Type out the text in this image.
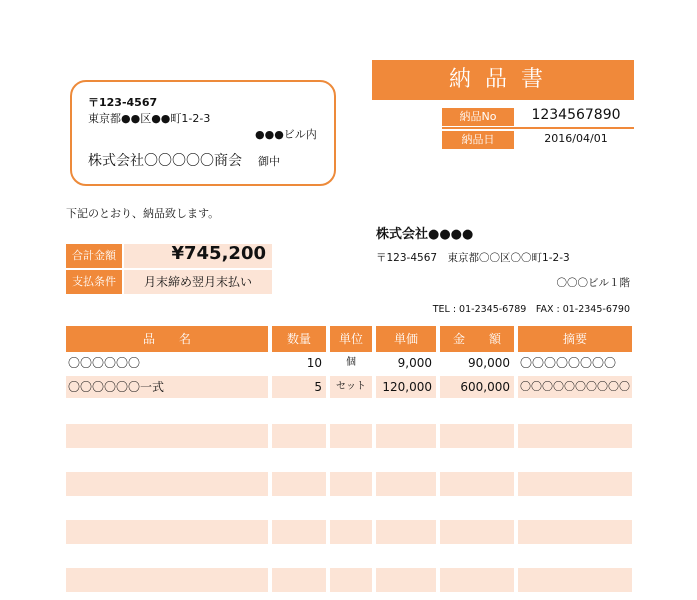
〒123-4567
東京都●●区●●町1-2-3
●●●ビル内
株式会社〇〇〇〇〇商会 御中
納品書
納品No	1234567890
納品日	2016/04/01
下記のとおり、納品致します。
合計金額	¥745,200
支払条件	月末締め翌月末払い
株式会社●●●●
〒123-4567　東京都〇〇区〇〇町1-2-3
〇〇〇ビル１階
TEL : 01-2345-6789　FAX : 01-2345-6790
品　　名	数量	単位	単価	金　　額	摘要
〇〇〇〇〇〇	10	個	9,000	90,000 〇〇〇〇〇〇〇〇
〇〇〇〇〇〇一式	5	セット	120,000	600,000 〇〇〇〇〇〇〇〇〇〇
